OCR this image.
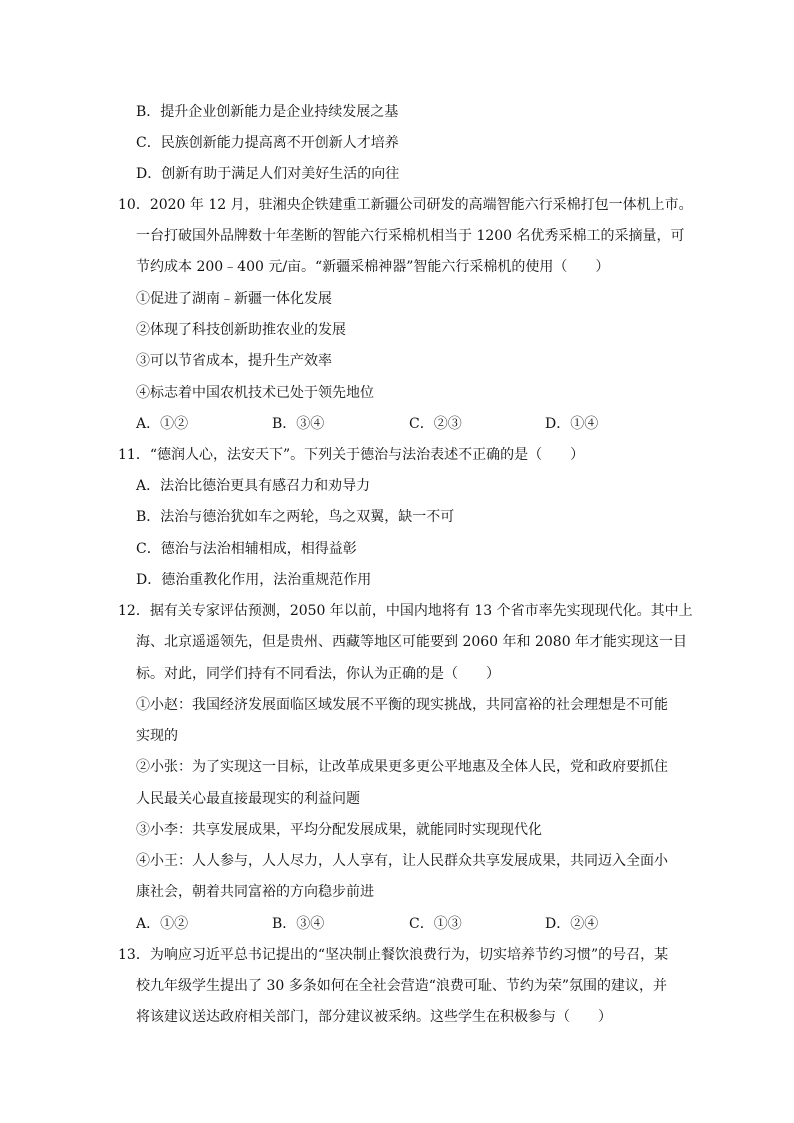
B．提升企业创新能力是企业持续发展之基
C．民族创新能力提高离不开创新人才培养
D．创新有助于满足人们对美好生活的向往
10．2020 年 12 月，驻湘央企铁建重工新疆公司研发的高端智能六行采棉打包一体机上市。
一台打破国外品牌数十年垄断的智能六行采棉机相当于 1200 名优秀采棉工的采摘量，可
节约成本 200﹣400 元/亩。“新疆采棉神器”智能六行采棉机的使用（　　）
①促进了湖南﹣新疆一体化发展
②体现了科技创新助推农业的发展
③可以节省成本，提升生产效率
④标志着中国农机技术已处于领先地位
A．①②	B．③④	C．②③	D．①④
11．“德润人心，法安天下”。下列关于德治与法治表述不正确的是（　　）
A．法治比德治更具有感召力和劝导力
B．法治与德治犹如车之两轮，鸟之双翼，缺一不可
C．德治与法治相辅相成，相得益彰
D．德治重教化作用，法治重规范作用
12．据有关专家评估预测，2050 年以前，中国内地将有 13 个省市率先实现现代化。其中上
海、北京遥遥领先，但是贵州、西藏等地区可能要到 2060 年和 2080 年才能实现这一目
标。对此，同学们持有不同看法，你认为正确的是（　　）
①小赵：我国经济发展面临区域发展不平衡的现实挑战，共同富裕的社会理想是不可能
实现的
②小张：为了实现这一目标，让改革成果更多更公平地惠及全体人民，党和政府要抓住
人民最关心最直接最现实的利益问题
③小李：共享发展成果，平均分配发展成果，就能同时实现现代化
④小王：人人参与，人人尽力，人人享有，让人民群众共享发展成果，共同迈入全面小
康社会，朝着共同富裕的方向稳步前进
A．①②	B．③④	C．①③	D．②④
13．为响应习近平总书记提出的“坚决制止餐饮浪费行为，切实培养节约习惯”的号召，某
校九年级学生提出了 30 多条如何在全社会营造“浪费可耻、节约为荣”氛围的建议，并
将该建议送达政府相关部门，部分建议被采纳。这些学生在积极参与（　　）
